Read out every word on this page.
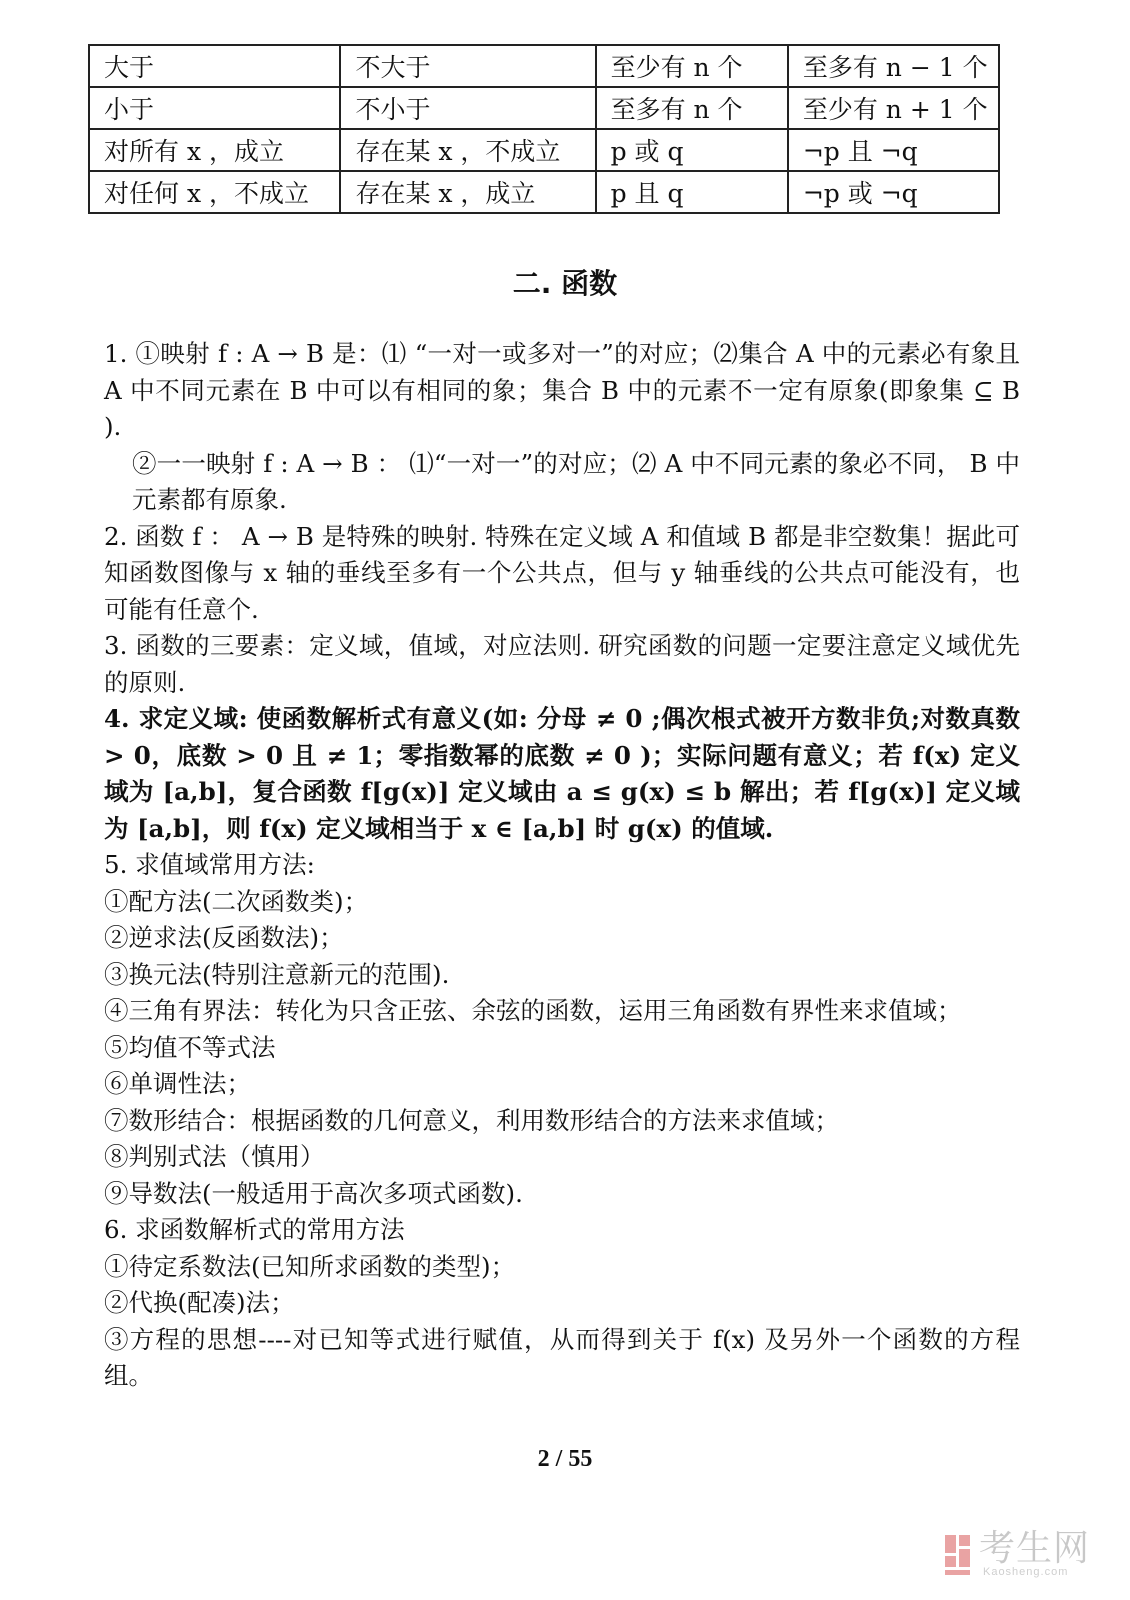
大于	不大于	至少有 n 个	至多有 n − 1 个
小于	不小于	至多有 n 个	至少有 n + 1 个
对所有 x ，成立	存在某 x ，不成立	p 或 q	¬p 且 ¬q
对任何 x ，不成立	存在某 x ，成立	p 且 q	¬p 或 ¬q
二. 函数

1. ①映射 f : A → B 是：⑴ “一对一或多对一”的对应；⑵集合 A 中的元素必有象且 A 中不同元素在 B 中可以有相同的象；集合 B 中的元素不一定有原象(即象集 ⊆ B ).

②一一映射 f : A → B ： ⑴“一对一”的对应；⑵ A 中不同元素的象必不同， B 中元素都有原象.

2. 函数 f ： A → B 是特殊的映射. 特殊在定义域 A 和值域 B 都是非空数集！据此可知函数图像与 x 轴的垂线至多有一个公共点，但与 y 轴垂线的公共点可能没有，也可能有任意个.

3. 函数的三要素：定义域，值域，对应法则. 研究函数的问题一定要注意定义域优先的原则.

4. 求定义域: 使函数解析式有意义(如: 分母 ≠ 0 ;偶次根式被开方数非负;对数真数 > 0，底数 > 0 且 ≠ 1；零指数幂的底数 ≠ 0 )；实际问题有意义；若 f(x) 定义域为 [a,b]，复合函数 f[g(x)] 定义域由 a ≤ g(x) ≤ b 解出；若 f[g(x)] 定义域为 [a,b]，则 f(x) 定义域相当于 x ∈ [a,b] 时 g(x) 的值域.

5. 求值域常用方法:

①配方法(二次函数类)；

②逆求法(反函数法)；

③换元法(特别注意新元的范围).

④三角有界法：转化为只含正弦、余弦的函数，运用三角函数有界性来求值域；

⑤均值不等式法

⑥单调性法；

⑦数形结合：根据函数的几何意义，利用数形结合的方法来求值域；

⑧判别式法（慎用）

⑨导数法(一般适用于高次多项式函数).

6. 求函数解析式的常用方法

①待定系数法(已知所求函数的类型)；

②代换(配凑)法；

③方程的思想----对已知等式进行赋值，从而得到关于 f(x) 及另外一个函数的方程组。

2 / 55
考生网
Kaosheng.com
